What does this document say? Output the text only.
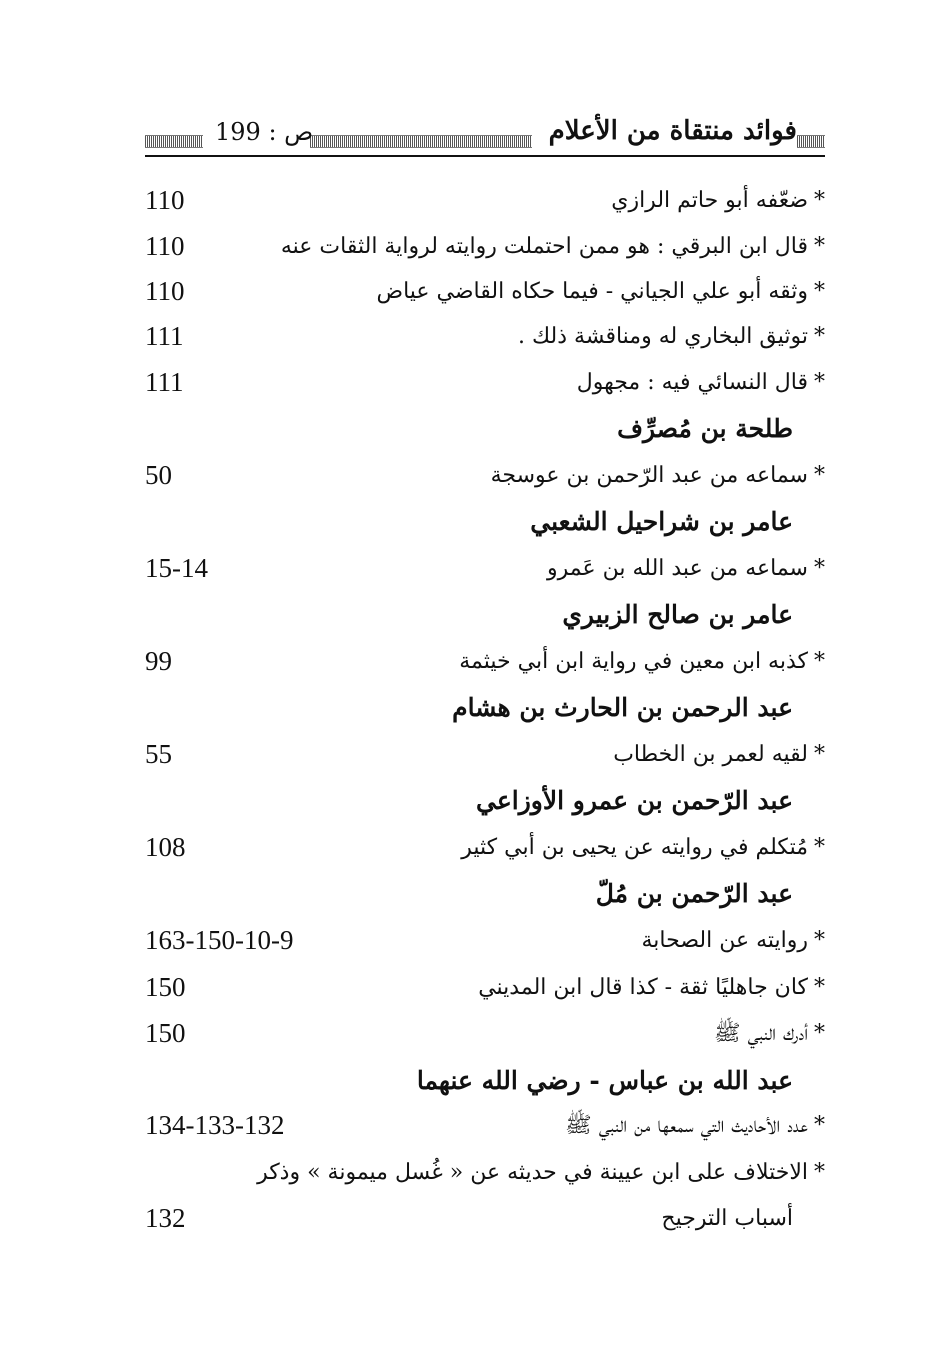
ص : 199	فوائد منتقاة من الأعلام
*ضعّفه أبو حاتم الرازي
110
*قال ابن البرقي : هو ممن احتملت روايته لرواية الثقات عنه
110
*وثقه أبو علي الجياني - فيما حكاه القاضي عياض
110
*توثيق البخاري له ومناقشة ذلك .
111
*قال النسائي فيه : مجهول
111
طلحة بن مُصرِّف
*سماعه من عبد الرّحمن بن عوسجة
50
عامر بن شراحيل الشعبي
*سماعه من عبد الله بن عَمرو
15-14
عامر بن صالح الزبيري
*كذبه ابن معين في رواية ابن أبي خيثمة
99
عبد الرحمن بن الحارث بن هشام
*لقيه لعمر بن الخطاب
55
عبد الرّحمن بن عمرو الأوزاعي
*مُتكلم في روايته عن يحيى بن أبي كثير
108
عبد الرّحمن بن مُلّ
*روايته عن الصحابة
163-150-10-9
*كان جاهليًا ثقة - كذا قال ابن المديني
150
*أدرك النبي ﷺ
150
عبد الله بن عباس - رضي الله عنهما
*عدد الأحاديث التي سمعها من النبي ﷺ
134-133-132
*الاختلاف على ابن عيينة في حديثه عن « غُسل ميمونة » وذكر
أسباب الترجيح
132
